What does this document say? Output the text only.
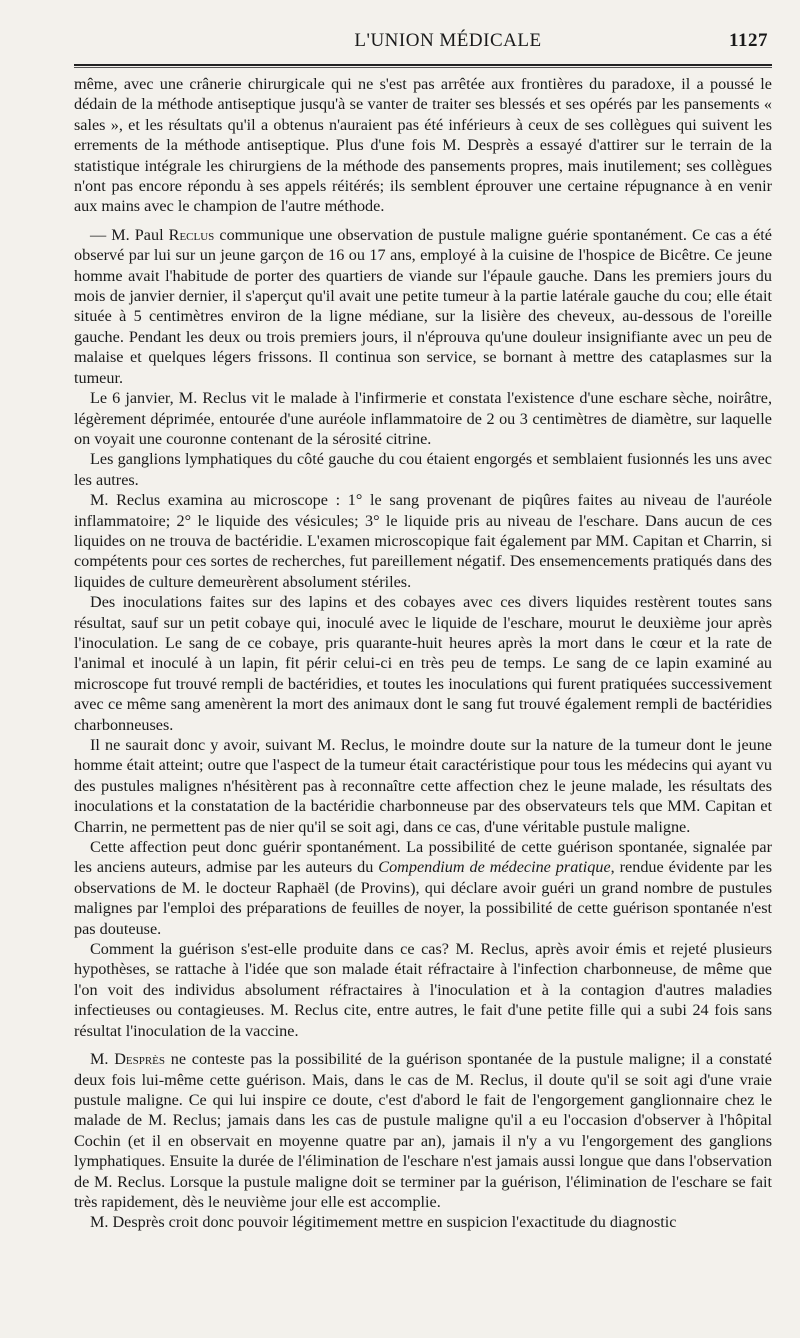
L'UNION MÉDICALE	1127

même, avec une crânerie chirurgicale qui ne s'est pas arrêtée aux frontières du paradoxe, il a poussé le dédain de la méthode antiseptique jusqu'à se vanter de traiter ses blessés et ses opérés par les pansements « sales », et les résultats qu'il a obtenus n'auraient pas été inférieurs à ceux de ses collègues qui suivent les errements de la méthode antiseptique. Plus d'une fois M. Desprès a essayé d'attirer sur le terrain de la statistique intégrale les chirurgiens de la méthode des pansements propres, mais inutilement; ses collègues n'ont pas encore répondu à ses appels réitérés; ils semblent éprouver une certaine répugnance à en venir aux mains avec le champion de l'autre méthode.

— M. Paul Reclus communique une observation de pustule maligne guérie spontanément. Ce cas a été observé par lui sur un jeune garçon de 16 ou 17 ans, employé à la cuisine de l'hospice de Bicêtre. Ce jeune homme avait l'habitude de porter des quartiers de viande sur l'épaule gauche. Dans les premiers jours du mois de janvier dernier, il s'aperçut qu'il avait une petite tumeur à la partie latérale gauche du cou; elle était située à 5 centimètres environ de la ligne médiane, sur la lisière des cheveux, au-dessous de l'oreille gauche. Pendant les deux ou trois premiers jours, il n'éprouva qu'une douleur insignifiante avec un peu de malaise et quelques légers frissons. Il continua son service, se bornant à mettre des cataplasmes sur la tumeur.

Le 6 janvier, M. Reclus vit le malade à l'infirmerie et constata l'existence d'une eschare sèche, noirâtre, légèrement déprimée, entourée d'une auréole inflammatoire de 2 ou 3 centimètres de diamètre, sur laquelle on voyait une couronne contenant de la sérosité citrine.

Les ganglions lymphatiques du côté gauche du cou étaient engorgés et semblaient fusionnés les uns avec les autres.

M. Reclus examina au microscope : 1° le sang provenant de piqûres faites au niveau de l'auréole inflammatoire; 2° le liquide des vésicules; 3° le liquide pris au niveau de l'eschare. Dans aucun de ces liquides on ne trouva de bactéridie. L'examen microscopique fait également par MM. Capitan et Charrin, si compétents pour ces sortes de recherches, fut pareillement négatif. Des ensemencements pratiqués dans des liquides de culture demeurèrent absolument stériles.

Des inoculations faites sur des lapins et des cobayes avec ces divers liquides restèrent toutes sans résultat, sauf sur un petit cobaye qui, inoculé avec le liquide de l'eschare, mourut le deuxième jour après l'inoculation. Le sang de ce cobaye, pris quarante-huit heures après la mort dans le cœur et la rate de l'animal et inoculé à un lapin, fit périr celui-ci en très peu de temps. Le sang de ce lapin examiné au microscope fut trouvé rempli de bactéridies, et toutes les inoculations qui furent pratiquées successivement avec ce même sang amenèrent la mort des animaux dont le sang fut trouvé également rempli de bactéridies charbonneuses.

Il ne saurait donc y avoir, suivant M. Reclus, le moindre doute sur la nature de la tumeur dont le jeune homme était atteint; outre que l'aspect de la tumeur était caractéristique pour tous les médecins qui ayant vu des pustules malignes n'hésitèrent pas à reconnaître cette affection chez le jeune malade, les résultats des inoculations et la constatation de la bactéridie charbonneuse par des observateurs tels que MM. Capitan et Charrin, ne permettent pas de nier qu'il se soit agi, dans ce cas, d'une véritable pustule maligne.

Cette affection peut donc guérir spontanément. La possibilité de cette guérison spontanée, signalée par les anciens auteurs, admise par les auteurs du Compendium de médecine pratique, rendue évidente par les observations de M. le docteur Raphaël (de Provins), qui déclare avoir guéri un grand nombre de pustules malignes par l'emploi des préparations de feuilles de noyer, la possibilité de cette guérison spontanée n'est pas douteuse.

Comment la guérison s'est-elle produite dans ce cas? M. Reclus, après avoir émis et rejeté plusieurs hypothèses, se rattache à l'idée que son malade était réfractaire à l'infection charbonneuse, de même que l'on voit des individus absolument réfractaires à l'inoculation et à la contagion d'autres maladies infectieuses ou contagieuses. M. Reclus cite, entre autres, le fait d'une petite fille qui a subi 24 fois sans résultat l'inoculation de la vaccine.

M. Desprès ne conteste pas la possibilité de la guérison spontanée de la pustule maligne; il a constaté deux fois lui-même cette guérison. Mais, dans le cas de M. Reclus, il doute qu'il se soit agi d'une vraie pustule maligne. Ce qui lui inspire ce doute, c'est d'abord le fait de l'engorgement ganglionnaire chez le malade de M. Reclus; jamais dans les cas de pustule maligne qu'il a eu l'occasion d'observer à l'hôpital Cochin (et il en observait en moyenne quatre par an), jamais il n'y a vu l'engorgement des ganglions lymphatiques. Ensuite la durée de l'élimination de l'eschare n'est jamais aussi longue que dans l'observation de M. Reclus. Lorsque la pustule maligne doit se terminer par la guérison, l'élimination de l'eschare se fait très rapidement, dès le neuvième jour elle est accomplie.

M. Desprès croit donc pouvoir légitimement mettre en suspicion l'exactitude du diagnostic
